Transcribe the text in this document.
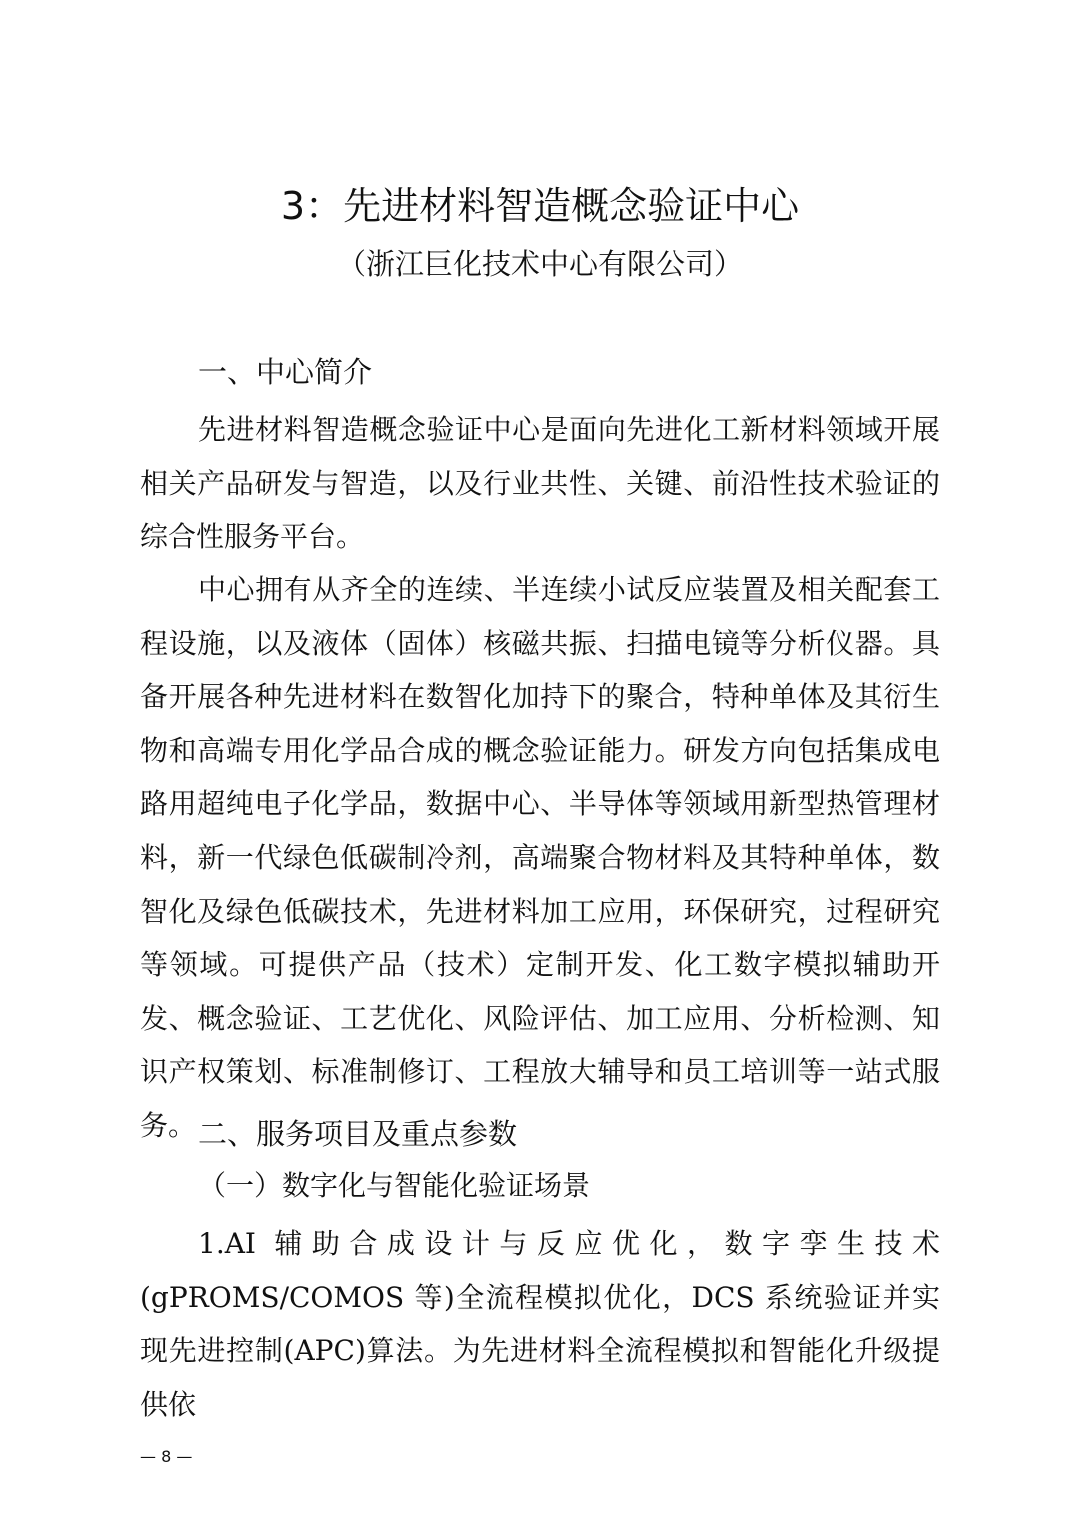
3：先进材料智造概念验证中心
（浙江巨化技术中心有限公司）
一、中心简介

先进材料智造概念验证中心是面向先进化工新材料领域开展相关产品研发与智造，以及行业共性、关键、前沿性技术验证的综合性服务平台。

中心拥有从齐全的连续、半连续小试反应装置及相关配套工程设施，以及液体（固体）核磁共振、扫描电镜等分析仪器。具备开展各种先进材料在数智化加持下的聚合，特种单体及其衍生物和高端专用化学品合成的概念验证能力。研发方向包括集成电路用超纯电子化学品，数据中心、半导体等领域用新型热管理材料，新一代绿色低碳制冷剂，高端聚合物材料及其特种单体，数智化及绿色低碳技术，先进材料加工应用，环保研究，过程研究等领域。可提供产品（技术）定制开发、化工数字模拟辅助开发、概念验证、工艺优化、风险评估、加工应用、分析检测、知识产权策划、标准制修订、工程放大辅导和员工培训等一站式服务。 二、服务项目及重点参数
（一）数字化与智能化验证场景

1.AI 辅助合成设计与反应优化，数字孪生技术(gPROMS/COMOS 等)全流程模拟优化，DCS 系统验证并实现先进控制(APC)算法。为先进材料全流程模拟和智能化升级提供依

— 8 —
